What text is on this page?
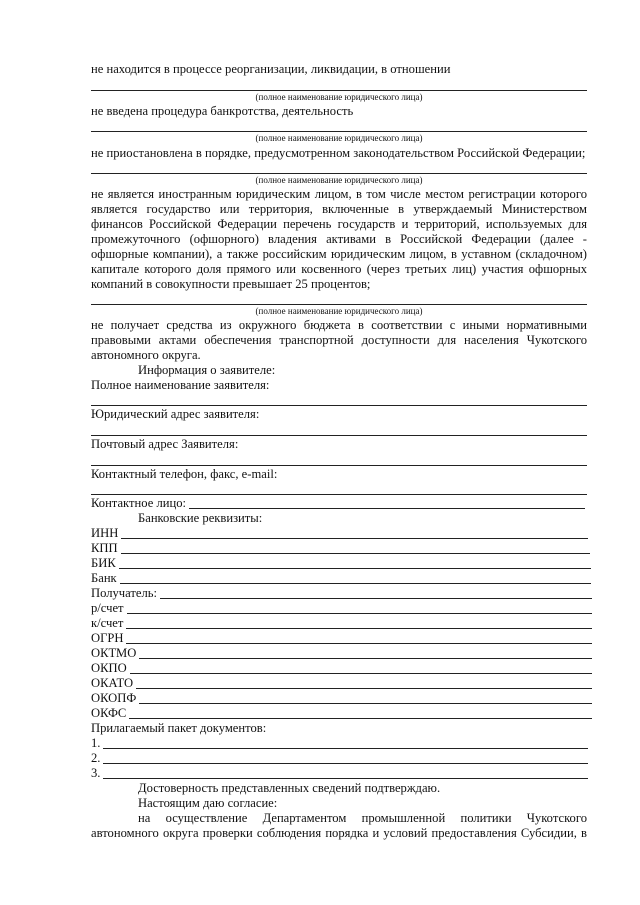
не находится в процессе реорганизации, ликвидации, в отношении
(полное наименование юридического лица)
не введена процедура банкротства, деятельность
(полное наименование юридического лица)
не приостановлена в порядке, предусмотренном законодательством Российской Федерации;
(полное наименование юридического лица)
не является иностранным юридическим лицом, в том числе местом регистрации которого
является государство или территория, включенные в утверждаемый Министерством
финансов Российской Федерации перечень государств и территорий, используемых для
промежуточного (офшорного) владения активами в Российской Федерации (далее -
офшорные компании), а также российским юридическим лицом, в уставном (складочном)
капитале которого доля прямого или косвенного (через третьих лиц) участия офшорных
компаний в совокупности превышает 25 процентов;
(полное наименование юридического лица)
не получает средства из окружного бюджета в соответствии с иными нормативными
правовыми актами обеспечения транспортной доступности для населения Чукотского
автономного округа.
Информация о заявителе:
Полное наименование заявителя:
Юридический адрес заявителя:
Почтовый адрес Заявителя:
Контактный телефон, факс, e-mail:
Контактное лицо:
Банковские реквизиты:
ИНН
КПП
БИК
Банк
Получатель:
р/счет
к/счет
ОГРН
ОКТМО
ОКПО
ОКАТО
ОКОПФ
ОКФС
Прилагаемый пакет документов:
1.
2.
3.
Достоверность представленных сведений подтверждаю.
Настоящим даю согласие:
на осуществление Департаментом промышленной политики Чукотского
автономного округа проверки соблюдения порядка и условий предоставления Субсидии, в
